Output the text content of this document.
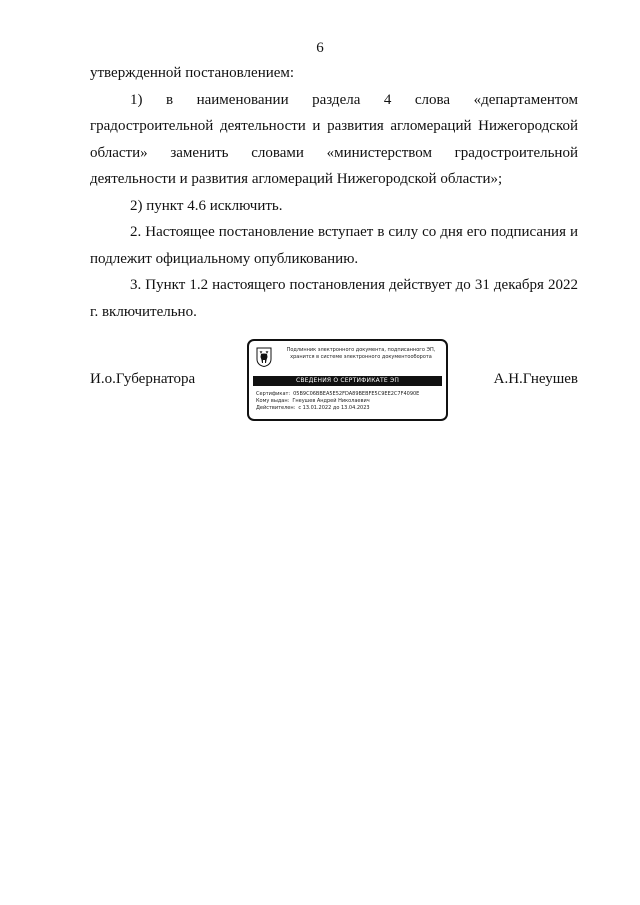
6

утвержденной постановлением:

1) в наименовании раздела 4 слова «департаментом градостроительной деятельности и развития агломераций Нижегородской области» заменить словами «министерством градостроительной деятельности и развития агломераций Нижегородской области»;

2) пункт 4.6 исключить.

2. Настоящее постановление вступает в силу со дня его подписания и подлежит официальному опубликованию.

3. Пункт 1.2 настоящего постановления действует до 31 декабря 2022 г. включительно.

И.о.Губернатора	А.Н.Гнеушев
Подлинник электронного документа, подписанного ЭП,
хранится в системе электронного документооборота
СВЕДЕНИЯ О СЕРТИФИКАТЕ ЭП
Сертификат: 05B9C06BBEA5E52FDA89BEBFE5C9EE2C7F4090E
Кому выдан: Гнеушев Андрей Николаевич
Действителен: с 13.01.2022 до 13.04.2023
